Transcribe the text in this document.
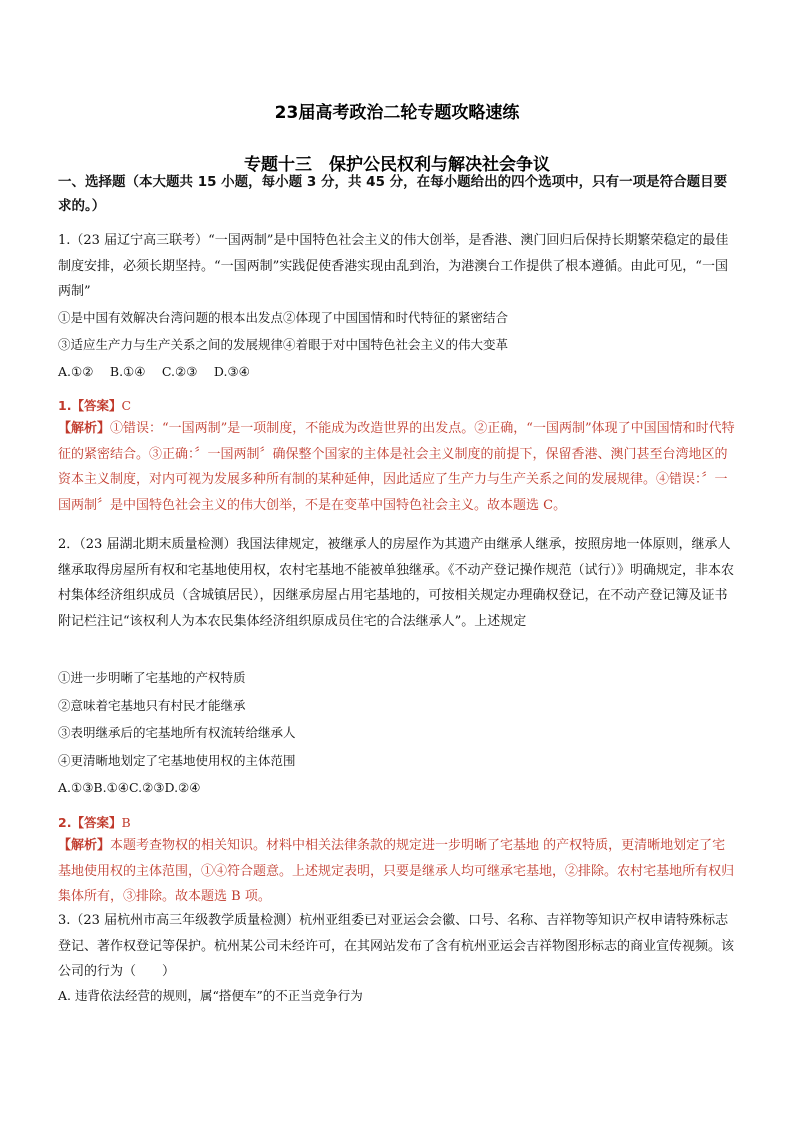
23届高考政治二轮专题攻略速练
专题十三　保护公民权利与解决社会争议
一、选择题（本大题共 15 小题，每小题 3 分，共 45 分，在每小题给出的四个选项中，只有一项是符合题目要求的。）
1.（23 届辽宁高三联考）“一国两制”是中国特色社会主义的伟大创举，是香港、澳门回归后保持长期繁荣稳定的最佳制度安排，必须长期坚持。“一国两制”实践促使香港实现由乱到治，为港澳台工作提供了根本遵循。由此可见，“一国两制”
①是中国有效解决台湾问题的根本出发点②体现了中国国情和时代特征的紧密结合
③适应生产力与生产关系之间的发展规律④着眼于对中国特色社会主义的伟大变革
A.①②　 B.①④　 C.②③　 D.③④
1.【答案】C
【解析】①错误：“一国两制”是一项制度，不能成为改造世界的出发点。②正确，“一国两制”体现了中国国情和时代特征的紧密结合。③正确：〞一国两制〞确保整个国家的主体是社会主义制度的前提下，保留香港、澳门甚至台湾地区的资本主义制度，对内可视为发展多种所有制的某种延伸，因此适应了生产力与生产关系之间的发展规律。④错误：〞一国两制〞是中国特色社会主义的伟大创举，不是在变革中国特色社会主义。故本题选 C。
2．（23 届湖北期末质量检测）我国法律规定，被继承人的房屋作为其遗产由继承人继承，按照房地一体原则，继承人继承取得房屋所有权和宅基地使用权，农村宅基地不能被单独继承。《不动产登记操作规范（试行）》明确规定，非本农村集体经济组织成员（含城镇居民），因继承房屋占用宅基地的，可按相关规定办理确权登记，在不动产登记簿及证书附记栏注记“该权利人为本农民集体经济组织原成员住宅的合法继承人”。上述规定
①进一步明晰了宅基地的产权特质
②意味着宅基地只有村民才能继承
③表明继承后的宅基地所有权流转给继承人
④更清晰地划定了宅基地使用权的主体范围
A.①③B.①④C.②③D.②④
2.【答案】B
【解析】本题考查物权的相关知识。材料中相关法律条款的规定进一步明晰了宅基地 的产权特质，更清晰地划定了宅基地使用权的主体范围，①④符合题意。上述规定表明，只要是继承人均可继承宅基地，②排除。农村宅基地所有权归集体所有，③排除。故本题选 B 项。
3.（23 届杭州市高三年级教学质量检测）杭州亚组委已对亚运会会徽、口号、名称、吉祥物等知识产权申请特殊标志登记、著作权登记等保护。杭州某公司未经许可，在其网站发布了含有杭州亚运会吉祥物图形标志的商业宣传视频。该公司的行为（　　）
A. 违背依法经营的规则，属“搭便车”的不正当竞争行为
